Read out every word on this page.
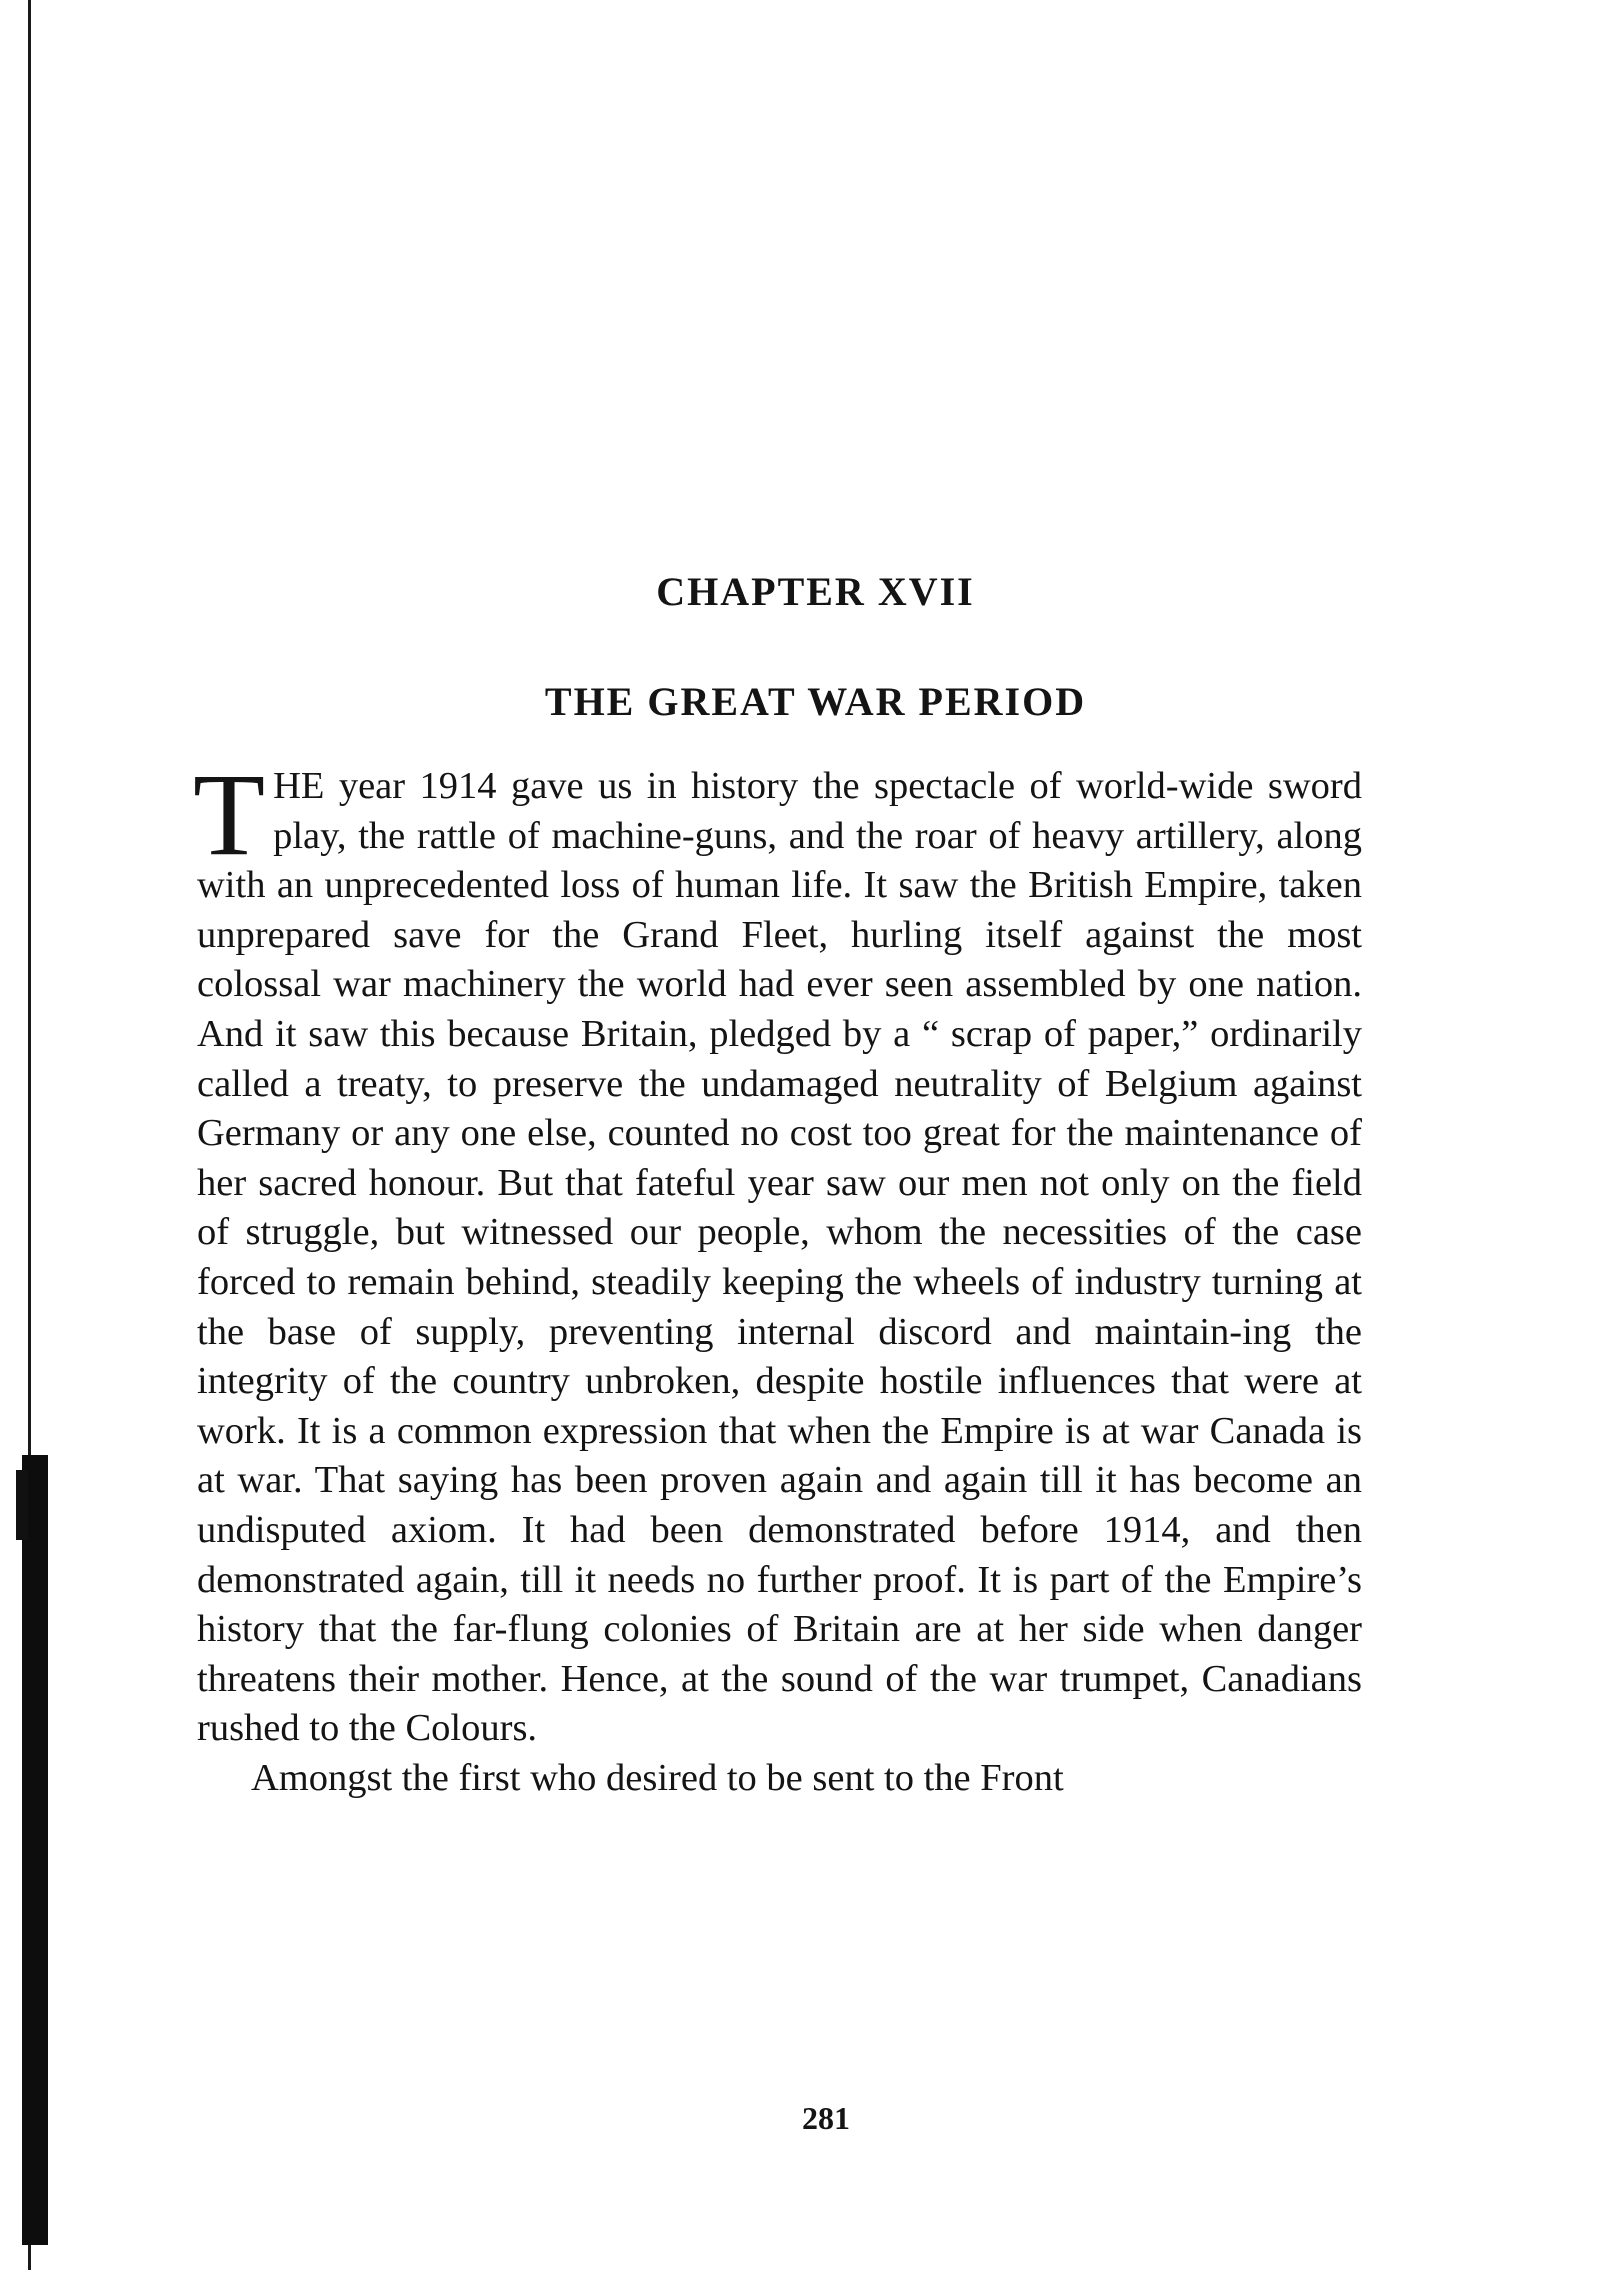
CHAPTER XVII
THE GREAT WAR PERIOD

THE year 1914 gave us in history the spectacle of world-wide sword play, the rattle of machine-guns, and the roar of heavy artillery, along with an unprecedented loss of human life. It saw the British Empire, taken unprepared save for the Grand Fleet, hurling itself against the most colossal war machinery the world had ever seen assembled by one nation. And it saw this because Britain, pledged by a “ scrap of paper,” ordinarily called a treaty, to preserve the undamaged neutrality of Belgium against Germany or any one else, counted no cost too great for the maintenance of her sacred honour. But that fateful year saw our men not only on the field of struggle, but witnessed our people, whom the necessities of the case forced to remain behind, steadily keeping the wheels of industry turning at the base of supply, preventing internal discord and maintain-ing the integrity of the country unbroken, despite hostile influences that were at work. It is a common expression that when the Empire is at war Canada is at war. That saying has been proven again and again till it has become an undisputed axiom. It had been demonstrated before 1914, and then demonstrated again, till it needs no further proof. It is part of the Empire’s history that the far-flung colonies of Britain are at her side when danger threatens their mother. Hence, at the sound of the war trumpet, Canadians rushed to the Colours.

Amongst the first who desired to be sent to the Front

281
